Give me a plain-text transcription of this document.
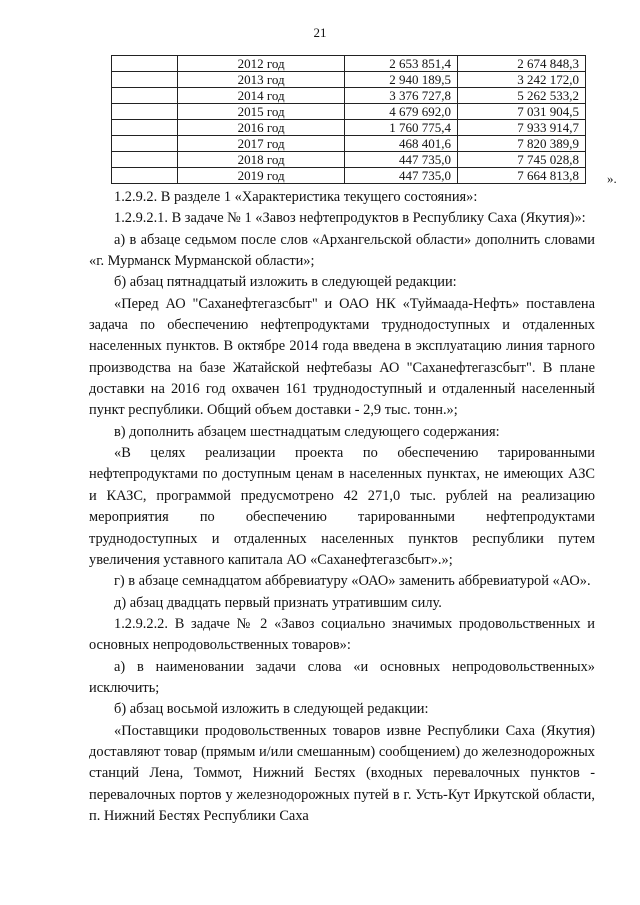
21
	2012 год	2 653 851,4	2 674 848,3
	2013 год	2 940 189,5	3 242 172,0
	2014 год	3 376 727,8	5 262 533,2
	2015 год	4 679 692,0	7 031 904,5
	2016 год	1 760 775,4	7 933 914,7
	2017 год	468 401,6	7 820 389,9
	2018 год	447 735,0	7 745 028,8
	2019 год	447 735,0	7 664 813,8 ».

1.2.9.2. В разделе 1 «Характеристика текущего состояния»:

1.2.9.2.1. В задаче № 1 «Завоз нефтепродуктов в Республику Саха (Якутия)»:

а) в абзаце седьмом после слов «Архангельской области» дополнить словами «г. Мурманск Мурманской области»;

б) абзац пятнадцатый изложить в следующей редакции:

«Перед АО "Саханефтегазсбыт" и ОАО НК «Туймаада-Нефть» поставлена задача по обеспечению нефтепродуктами труднодоступных и отдаленных населенных пунктов. В октябре 2014 года введена в эксплуатацию линия тарного производства на базе Жатайской нефтебазы АО "Саханефтегазсбыт". В плане доставки на 2016 год охвачен 161 труднодоступный и отдаленный населенный пункт республики. Общий объем доставки - 2,9 тыс. тонн.»;

в) дополнить абзацем шестнадцатым следующего содержания:

«В целях реализации проекта по обеспечению тарированными нефтепродуктами по доступным ценам в населенных пунктах, не имеющих АЗС и КАЗС, программой предусмотрено 42 271,0 тыс. рублей на реализацию мероприятия по обеспечению тарированными нефтепродуктами труднодоступных и отдаленных населенных пунктов республики путем увеличения уставного капитала АО «Саханефтегазсбыт».»;

г) в абзаце семнадцатом аббревиатуру «ОАО» заменить аббревиатурой «АО».

д) абзац двадцать первый признать утратившим силу.

1.2.9.2.2. В задаче № 2 «Завоз социально значимых продовольственных и основных непродовольственных товаров»:

а) в наименовании задачи слова «и основных непродовольственных» исключить;

б) абзац восьмой изложить в следующей редакции:

«Поставщики продовольственных товаров извне Республики Саха (Якутия) доставляют товар (прямым и/или смешанным) сообщением) до железнодорожных станций Лена, Томмот, Нижний Бестях (входных перевалочных пунктов - перевалочных портов у железнодорожных путей в г. Усть-Кут Иркутской области, п. Нижний Бестях Республики Саха
